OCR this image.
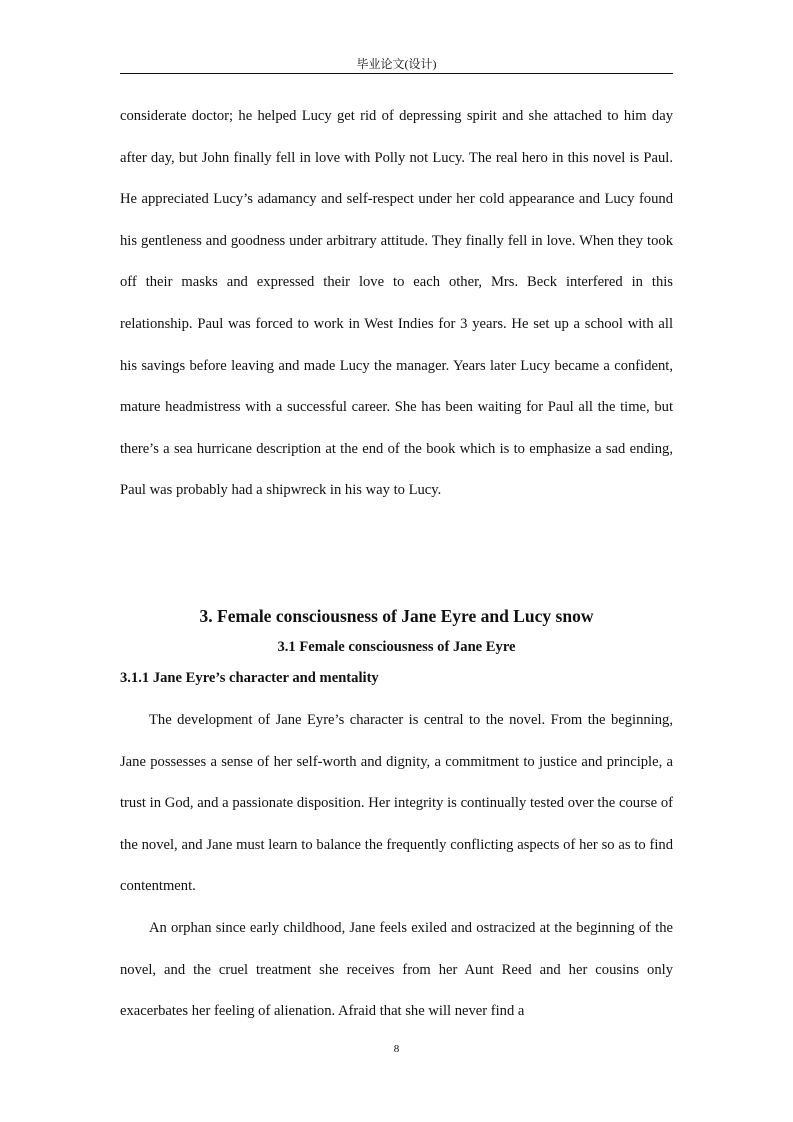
毕业论文(设计)

considerate doctor; he helped Lucy get rid of depressing spirit and she attached to him day after day, but John finally fell in love with Polly not Lucy. The real hero in this novel is Paul. He appreciated Lucy’s adamancy and self-respect under her cold appearance and Lucy found his gentleness and goodness under arbitrary attitude. They finally fell in love. When they took off their masks and expressed their love to each other, Mrs. Beck interfered in this relationship. Paul was forced to work in West Indies for 3 years. He set up a school with all his savings before leaving and made Lucy the manager. Years later Lucy became a confident, mature headmistress with a successful career. She has been waiting for Paul all the time, but there’s a sea hurricane description at the end of the book which is to emphasize a sad ending, Paul was probably had a shipwreck in his way to Lucy.

3. Female consciousness of Jane Eyre and Lucy snow
3.1 Female consciousness of Jane Eyre
3.1.1 Jane Eyre’s character and mentality

The development of Jane Eyre’s character is central to the novel. From the beginning, Jane possesses a sense of her self-worth and dignity, a commitment to justice and principle, a trust in God, and a passionate disposition. Her integrity is continually tested over the course of the novel, and Jane must learn to balance the frequently conflicting aspects of her so as to find contentment.

An orphan since early childhood, Jane feels exiled and ostracized at the beginning of the novel, and the cruel treatment she receives from her Aunt Reed and her cousins only exacerbates her feeling of alienation. Afraid that she will never find a

8
